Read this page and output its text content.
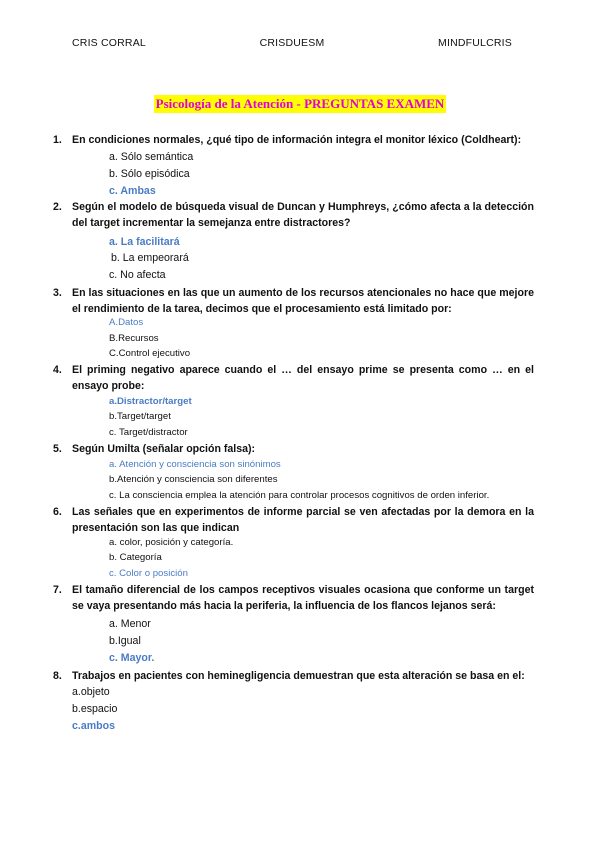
CRIS CORRAL	CRISDUESM	MINDFULCRIS
Psicología de la Atención - PREGUNTAS EXAMEN
1. En condiciones normales, ¿qué tipo de información integra el monitor léxico (Coldheart):
a. Sólo semántica
b. Sólo episódica
c. Ambas
2. Según el modelo de búsqueda visual de Duncan y Humphreys, ¿cómo afecta a la detección del target incrementar la semejanza entre distractores?
a. La facilitará
b. La empeorará
c. No afecta
3. En las situaciones en las que un aumento de los recursos atencionales no hace que mejore el rendimiento de la tarea, decimos que el procesamiento está limitado por:
A.Datos
B.Recursos
C.Control ejecutivo
4. El priming negativo aparece cuando el … del ensayo prime se presenta como … en el ensayo probe:
a.Distractor/target
b.Target/target
c. Target/distractor
5. Según Umilta (señalar opción falsa):
a. Atención y consciencia son sinónimos
b.Atención y consciencia son diferentes
c. La consciencia emplea la atención para controlar procesos cognitivos de orden inferior.
6. Las señales que en experimentos de informe parcial se ven afectadas por la demora en la presentación son las que indican
a. color, posición y categoría.
b. Categoría
c. Color o posición
7. El tamaño diferencial de los campos receptivos visuales ocasiona que conforme un target se vaya presentando más hacia la periferia, la influencia de los flancos lejanos será:
a. Menor
b.Igual
c. Mayor.
8. Trabajos en pacientes con heminegligencia demuestran que esta alteración se basa en el:
a.objeto
b.espacio
c.ambos
